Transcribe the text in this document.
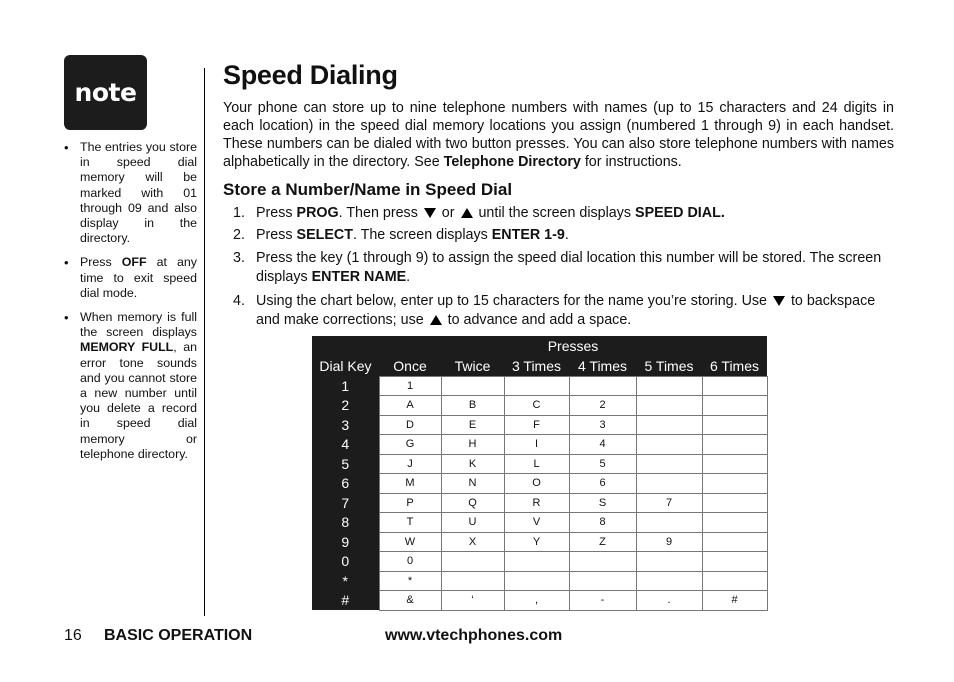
note
• The entries you store in speed dial memory will be marked with 01 through 09 and also display in the directory.
• Press OFF at any time to exit speed dial mode.
• When memory is full the screen displays MEMORY FULL, an error tone sounds and you cannot store a new number until you delete a record in speed dial memory or telephone directory.
Speed Dialing

Your phone can store up to nine telephone numbers with names (up to 15 characters and 24 digits in each location) in the speed dial memory locations you assign (numbered 1 through 9) in each handset. These numbers can be dialed with two button presses. You can also store telephone numbers with names alphabetically in the directory. See Telephone Directory for instructions.

Store a Number/Name in Speed Dial
1. Press PROG. Then press  or  until the screen displays SPEED DIAL.
2. Press SELECT. The screen displays ENTER 1-9.
3. Press the key (1 through 9) to assign the speed dial location this number will be stored. The screen displays ENTER NAME.
4. Using the chart below, enter up to 15 characters for the name you’re storing. Use  to backspace and make corrections; use  to advance and add a space.
	Presses					
Dial Key	Once	Twice	3 Times	4 Times	5 Times	6 Times
1	1					
2	A	B	C	2		
3	D	E	F	3		
4	G	H	I	4		
5	J	K	L	5		
6	M	N	O	6		
7	P	Q	R	S	7	
8	T	U	V	8		
9	W	X	Y	Z	9	
0	0					
*	*					
#	&	‘	,	-	.	#
16 BASIC OPERATION	www.vtechphones.com
